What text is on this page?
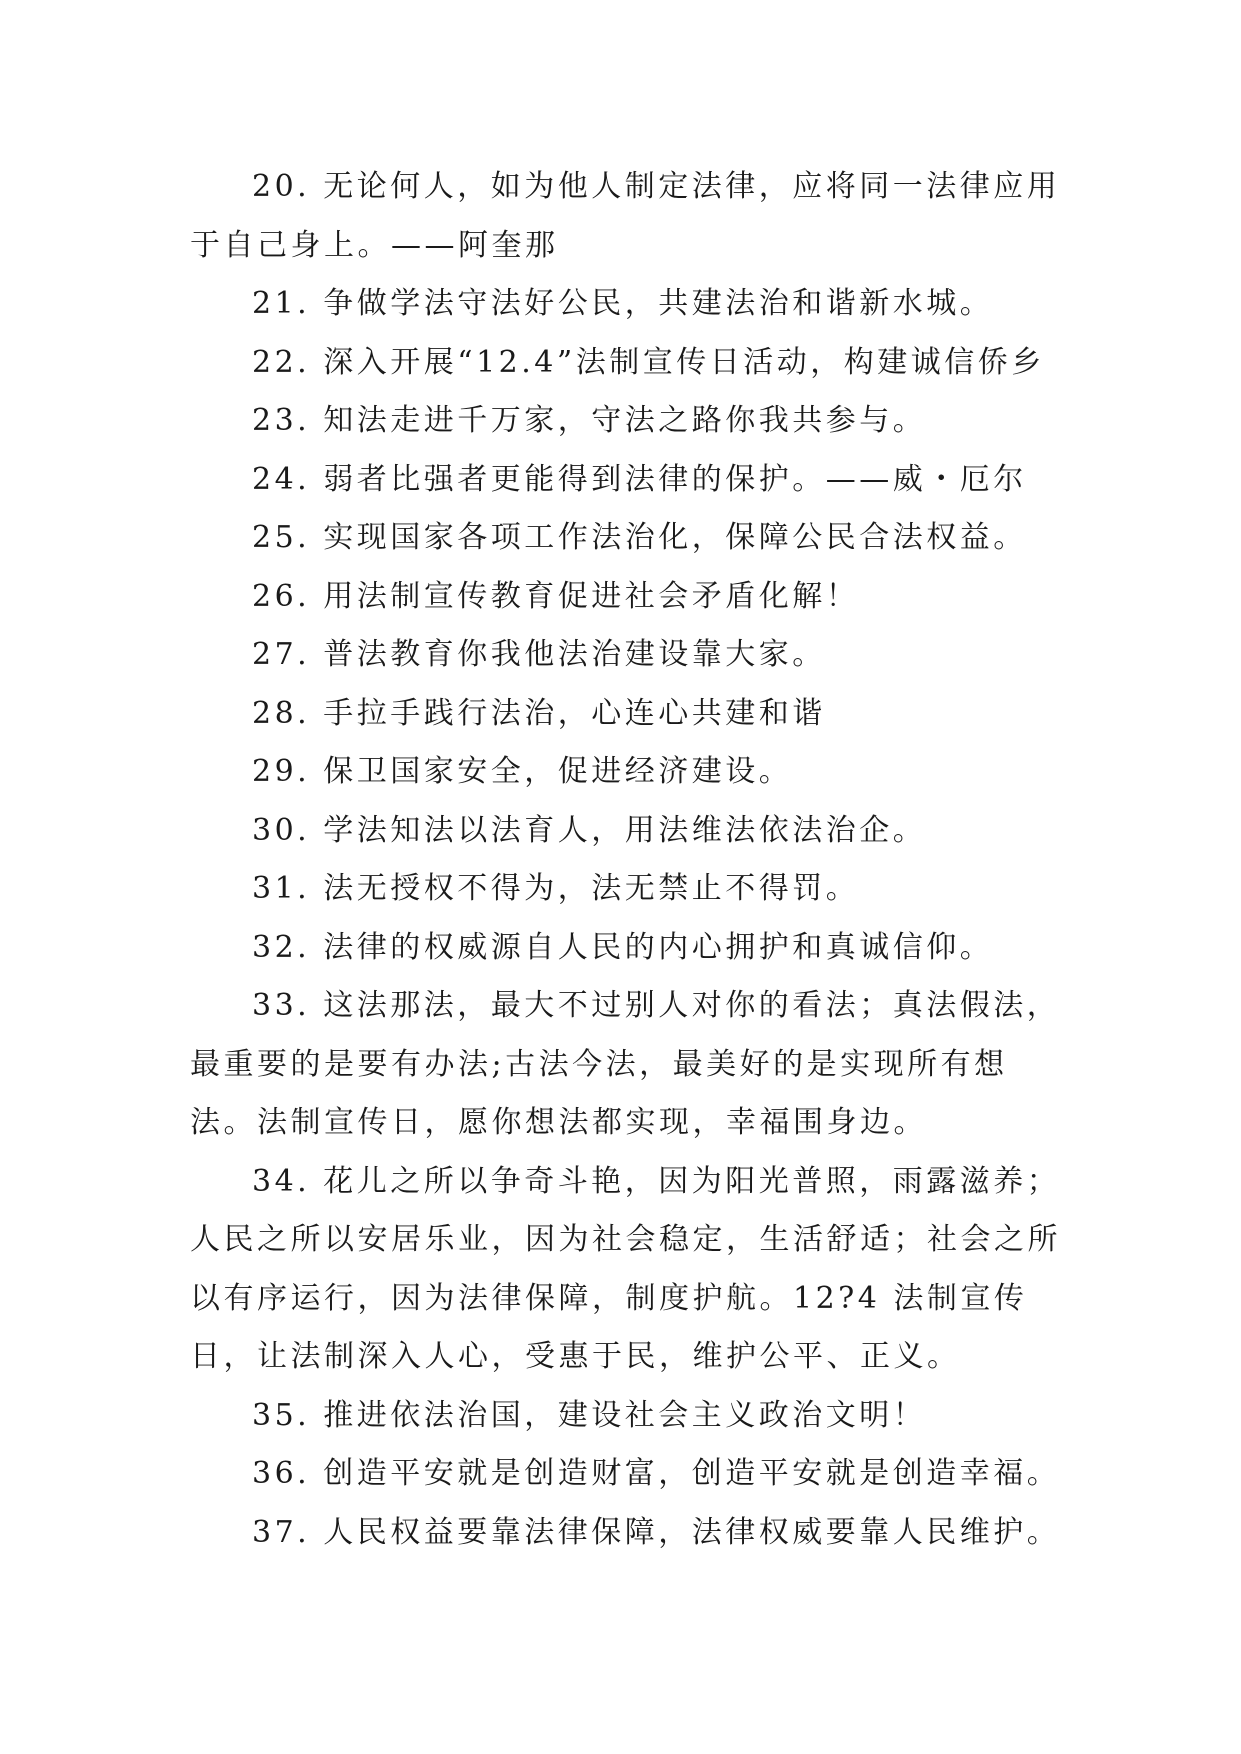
20. 无论何人，如为他人制定法律，应将同一法律应用于自己身上。——阿奎那

21. 争做学法守法好公民，共建法治和谐新水城。

22. 深入开展“12.4”法制宣传日活动，构建诚信侨乡

23. 知法走进千万家，守法之路你我共参与。

24. 弱者比强者更能得到法律的保护。——威・厄尔

25. 实现国家各项工作法治化，保障公民合法权益。

26. 用法制宣传教育促进社会矛盾化解！

27. 普法教育你我他法治建设靠大家。

28. 手拉手践行法治，心连心共建和谐

29. 保卫国家安全，促进经济建设。

30. 学法知法以法育人，用法维法依法治企。

31. 法无授权不得为，法无禁止不得罚。

32. 法律的权威源自人民的内心拥护和真诚信仰。

33. 这法那法，最大不过别人对你的看法；真法假法，最重要的是要有办法;古法今法，最美好的是实现所有想法。法制宣传日，愿你想法都实现，幸福围身边。

34. 花儿之所以争奇斗艳，因为阳光普照，雨露滋养；人民之所以安居乐业，因为社会稳定，生活舒适；社会之所以有序运行，因为法律保障，制度护航。12?4 法制宣传日，让法制深入人心，受惠于民，维护公平、正义。

35. 推进依法治国，建设社会主义政治文明！

36. 创造平安就是创造财富，创造平安就是创造幸福。

37. 人民权益要靠法律保障，法律权威要靠人民维护。
